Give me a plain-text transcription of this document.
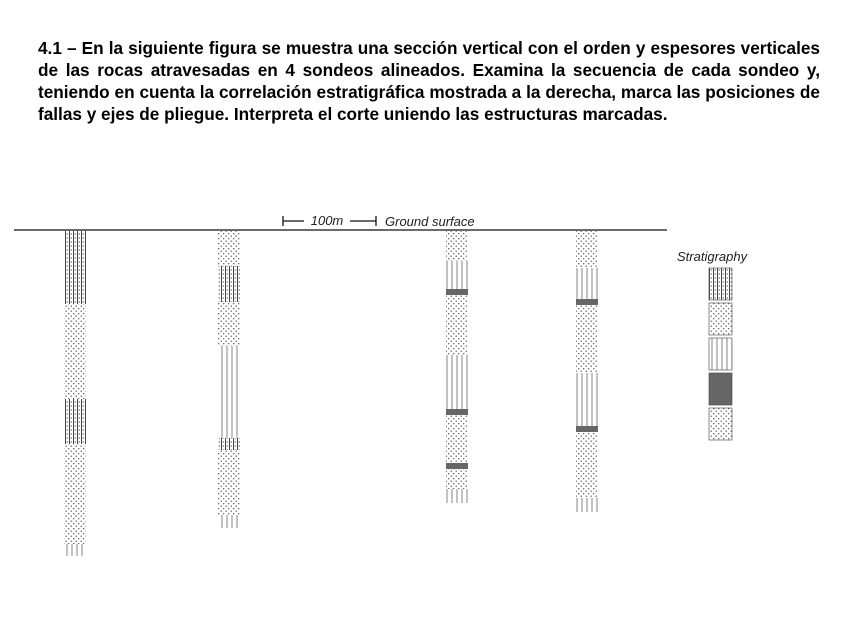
4.1 – En la siguiente figura se muestra una sección vertical con el orden y espesores verticales de las rocas atravesadas en 4 sondeos alineados. Examina la secuencia de cada sondeo y, teniendo en cuenta la correlación estratigráfica mostrada a la derecha, marca las posiciones de fallas y ejes de pliegue. Interpreta el corte uniendo las estructuras marcadas.

100m	Ground surface
Stratigraphy
